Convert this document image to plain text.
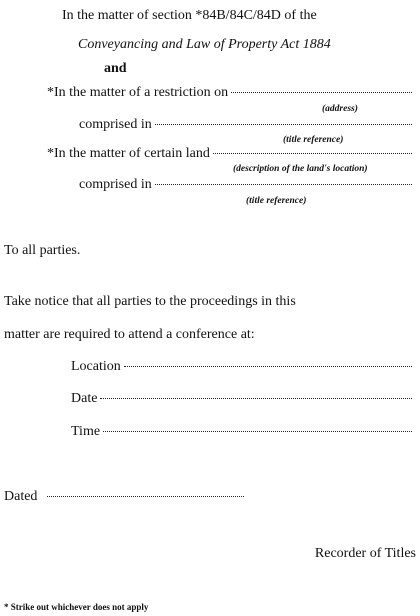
In the matter of section *84B/84C/84D of the
Conveyancing and Law of Property Act 1884
and
*In the matter of a restriction on
(address)
comprised in
(title reference)
*In the matter of certain land
(description of the land's location)
comprised in
(title reference)
To all parties.
Take notice that all parties to the proceedings in this
matter are required to attend a conference at:
Location
Date
Time
Dated
Recorder of Titles
* Strike out whichever does not apply
